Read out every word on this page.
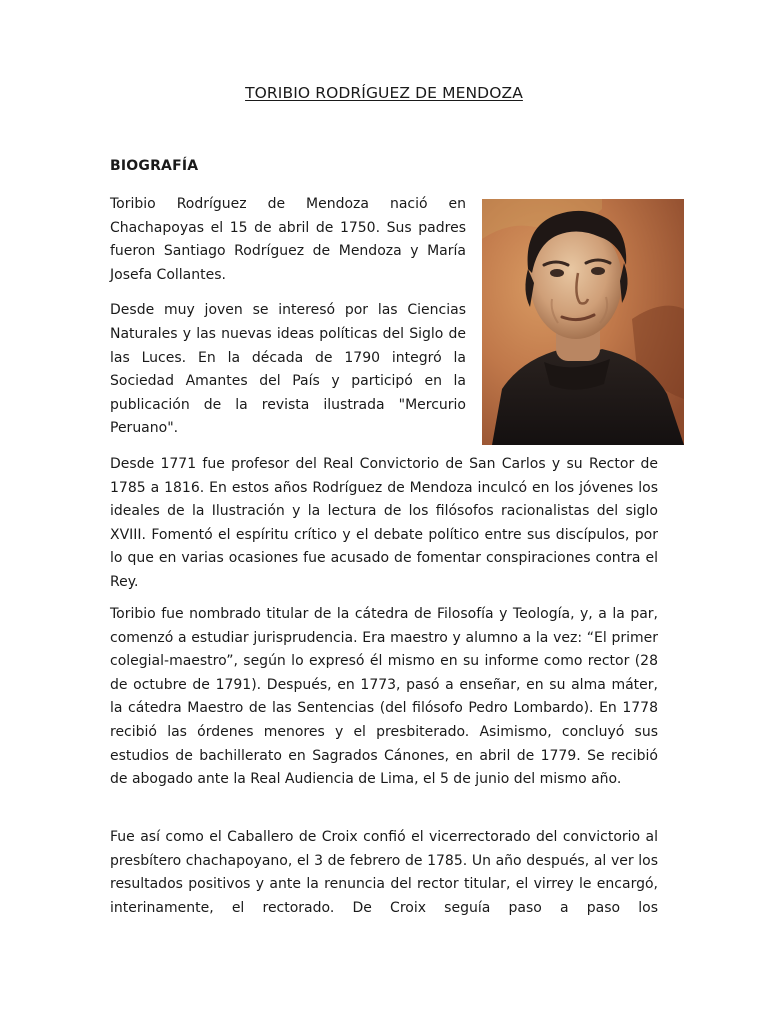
TORIBIO RODRÍGUEZ DE MENDOZA
BIOGRAFÍA

Toribio Rodríguez de Mendoza nació en Chachapoyas el 15 de abril de 1750. Sus padres fueron Santiago Rodríguez de Mendoza y María Josefa Collantes.

Desde muy joven se interesó por las Ciencias Naturales y las nuevas ideas políticas del Siglo de las Luces. En la década de 1790 integró la Sociedad Amantes del País y participó en la publicación de la revista ilustrada "Mercurio Peruano".

Desde 1771 fue profesor del Real Convictorio de San Carlos y su Rector de 1785 a 1816. En estos años Rodríguez de Mendoza inculcó en los jóvenes los ideales de la Ilustración y la lectura de los filósofos racionalistas del siglo XVIII. Fomentó el espíritu crítico y el debate político entre sus discípulos, por lo que en varias ocasiones fue acusado de fomentar conspiraciones contra el Rey.

Toribio fue nombrado titular de la cátedra de Filosofía y Teología, y, a la par, comenzó a estudiar jurisprudencia. Era maestro y alumno a la vez: “El primer colegial-maestro”, según lo expresó él mismo en su informe como rector (28 de octubre de 1791). Después, en 1773, pasó a enseñar, en su alma máter, la cátedra Maestro de las Sentencias (del filósofo Pedro Lombardo). En 1778 recibió las órdenes menores y el presbiterado. Asimismo, concluyó sus estudios de bachillerato en Sagrados Cánones, en abril de 1779. Se recibió de abogado ante la Real Audiencia de Lima, el 5 de junio del mismo año.

Fue así como el Caballero de Croix confió el vicerrectorado del convictorio al presbítero chachapoyano, el 3 de febrero de 1785. Un año después, al ver los resultados positivos y ante la renuncia del rector titular, el virrey le encargó, interinamente, el rectorado. De Croix seguía paso a paso los
